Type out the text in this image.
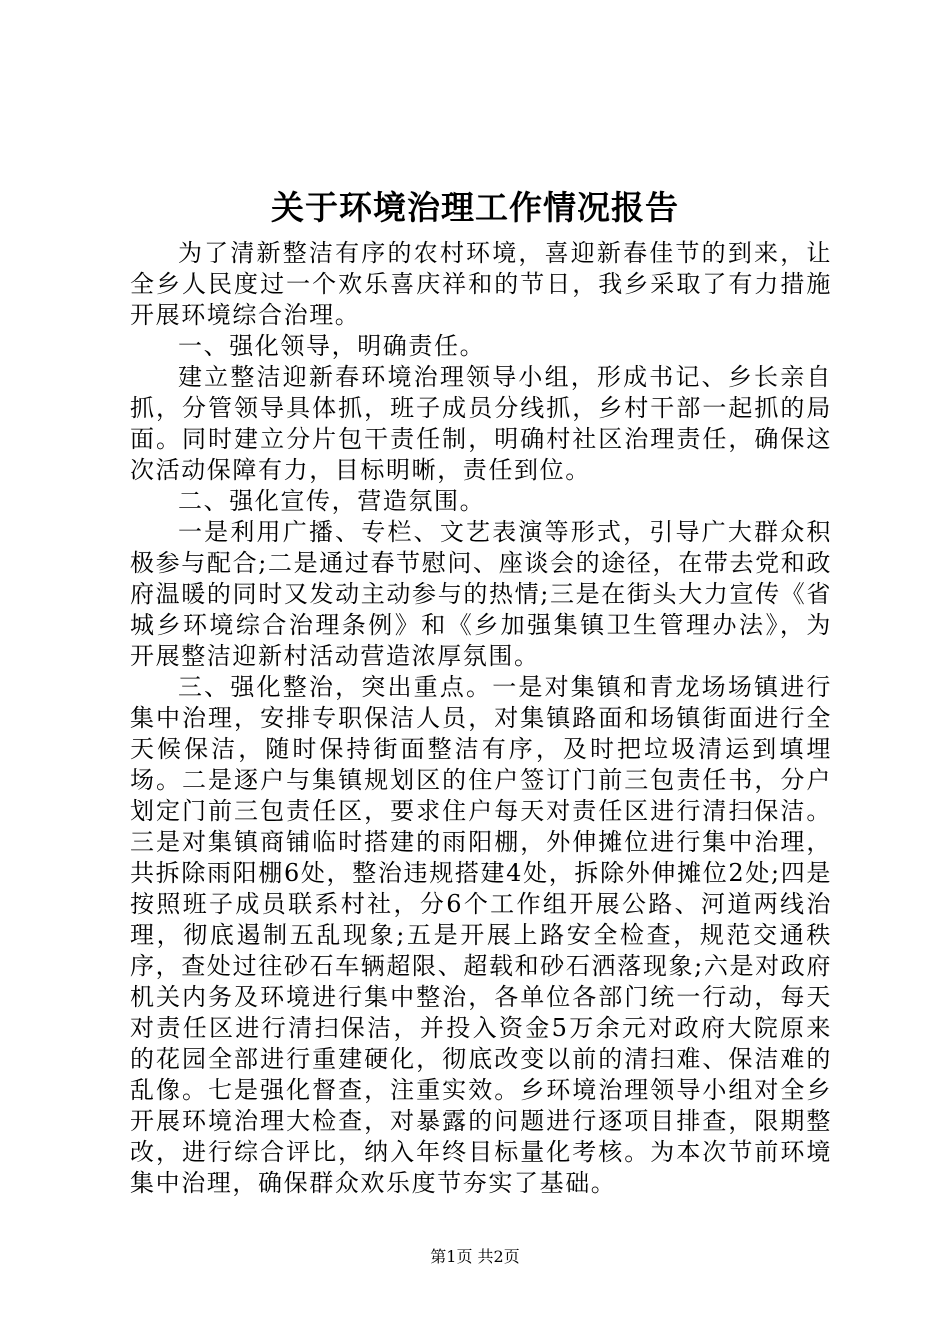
关于环境治理工作情况报告

为了清新整洁有序的农村环境，喜迎新春佳节的到来，让全乡人民度过一个欢乐喜庆祥和的节日，我乡采取了有力措施开展环境综合治理。

一、强化领导，明确责任。

建立整洁迎新春环境治理领导小组，形成书记、乡长亲自抓，分管领导具体抓，班子成员分线抓，乡村干部一起抓的局面。同时建立分片包干责任制，明确村社区治理责任，确保这次活动保障有力，目标明晰，责任到位。

二、强化宣传，营造氛围。

一是利用广播、专栏、文艺表演等形式，引导广大群众积极参与配合;二是通过春节慰问、座谈会的途径，在带去党和政府温暖的同时又发动主动参与的热情;三是在街头大力宣传《省城乡环境综合治理条例》和《乡加强集镇卫生管理办法》，为开展整洁迎新村活动营造浓厚氛围。

三、强化整治，突出重点。一是对集镇和青龙场场镇进行集中治理，安排专职保洁人员，对集镇路面和场镇街面进行全天候保洁，随时保持街面整洁有序，及时把垃圾清运到填埋场。二是逐户与集镇规划区的住户签订门前三包责任书，分户划定门前三包责任区，要求住户每天对责任区进行清扫保洁。三是对集镇商铺临时搭建的雨阳棚，外伸摊位进行集中治理，共拆除雨阳棚6处，整治违规搭建4处，拆除外伸摊位2处;四是按照班子成员联系村社，分6个工作组开展公路、河道两线治理，彻底遏制五乱现象;五是开展上路安全检查，规范交通秩序，查处过往砂石车辆超限、超载和砂石洒落现象;六是对政府机关内务及环境进行集中整治，各单位各部门统一行动，每天对责任区进行清扫保洁，并投入资金5万余元对政府大院原来的花园全部进行重建硬化，彻底改变以前的清扫难、保洁难的乱像。七是强化督查，注重实效。乡环境治理领导小组对全乡开展环境治理大检查，对暴露的问题进行逐项目排查，限期整改，进行综合评比，纳入年终目标量化考核。为本次节前环境集中治理，确保群众欢乐度节夯实了基础。

第1页 共2页
